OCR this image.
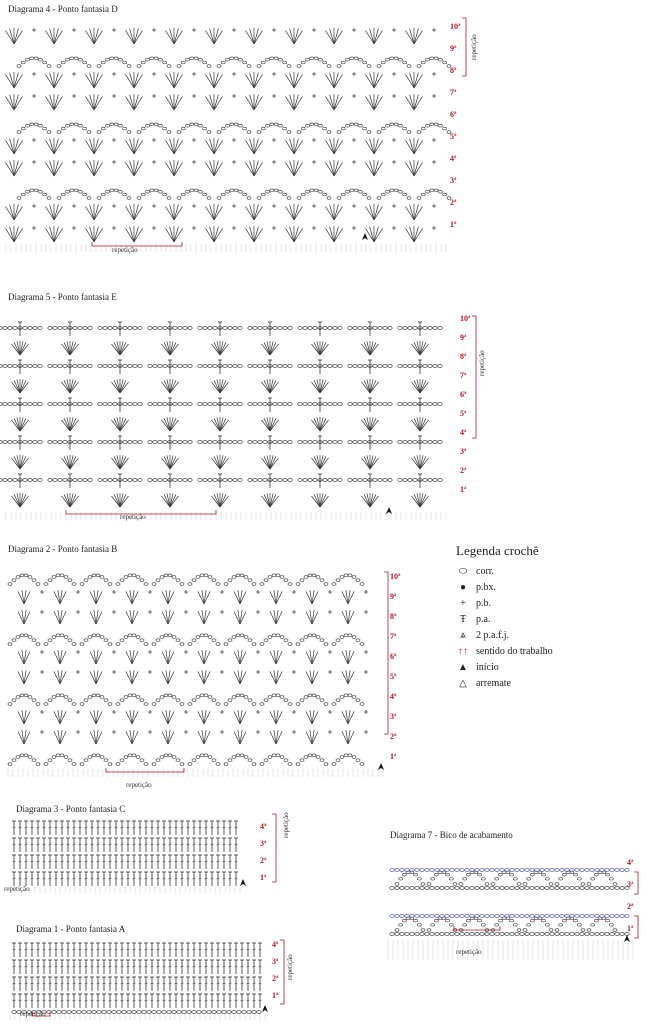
Diagrama 4 - Ponto fantasia D
10ª
9ª
8ª
7ª
6ª
5ª
4ª
3ª
2ª
1ª
repetição
repetição
Diagrama 5 - Ponto fantasia E
10ª
9ª
8ª
7ª
6ª
5ª
4ª
3ª
2ª
1ª
repetição
repetição
Diagrama 2 - Ponto fantasia B
10ª
9ª
8ª
7ª
6ª
5ª
4ª
3ª
2ª
1ª
repetição
Legenda crochê
⬭ corr.
● p.bx.
+	p.b.
Ŧ p.a.
⩓	2 p.a.f.j.
↑↑ sentido do trabalho
▲ início
△ arremate
Diagrama 3 - Ponto fantasia C
4ª
3ª
2ª
1ª
repetição
repetição
Diagrama 1 - Ponto fantasia A
4ª
3ª
2ª
1ª
repetição
repetição
Diagrama 7 - Bico de acabamento
4ª
3ª
2ª
1ª
repetição
